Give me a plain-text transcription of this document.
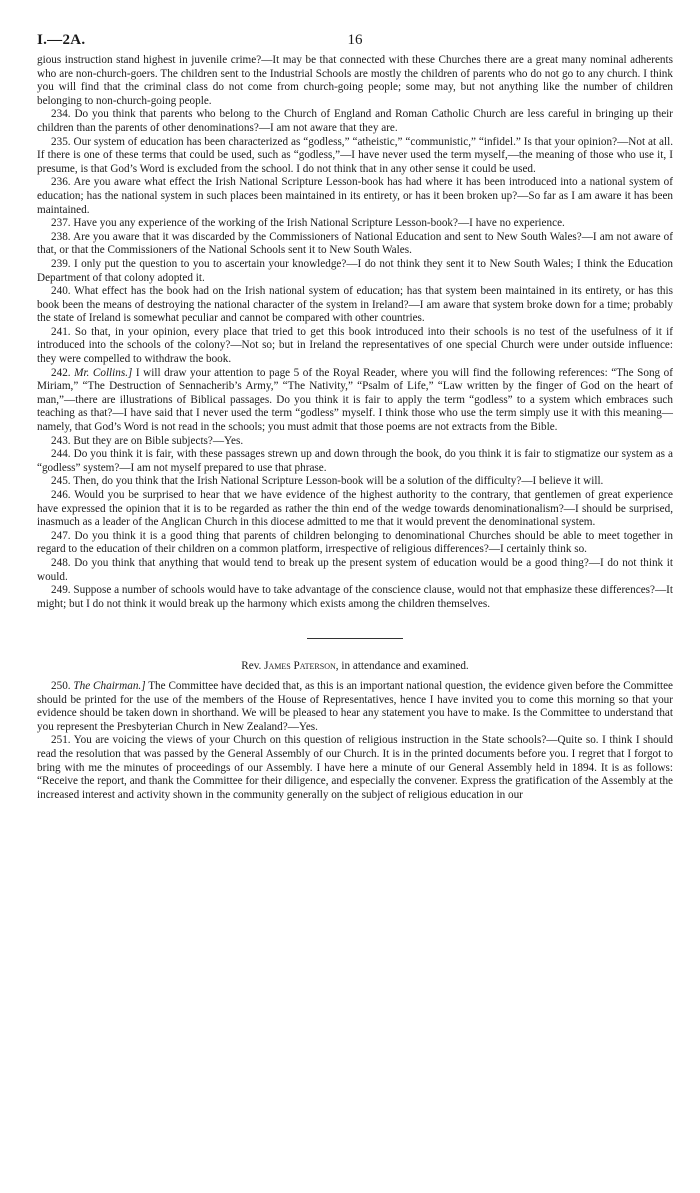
I.—2A.	16

gious instruction stand highest in juvenile crime?—It may be that connected with these Churches there are a great many nominal adherents who are non-church-goers. The children sent to the Industrial Schools are mostly the children of parents who do not go to any church. I think you will find that the criminal class do not come from church-going people; some may, but not anything like the number of children belonging to non-church-going people.

234. Do you think that parents who belong to the Church of England and Roman Catholic Church are less careful in bringing up their children than the parents of other denominations?—I am not aware that they are.

235. Our system of education has been characterized as “godless,” “atheistic,” “communistic,” “infidel.” Is that your opinion?—Not at all. If there is one of these terms that could be used, such as “godless,”—I have never used the term myself,—the meaning of those who use it, I presume, is that God’s Word is excluded from the school. I do not think that in any other sense it could be used.

236. Are you aware what effect the Irish National Scripture Lesson-book has had where it has been introduced into a national system of education; has the national system in such places been maintained in its entirety, or has it been broken up?—So far as I am aware it has been maintained.

237. Have you any experience of the working of the Irish National Scripture Lesson-book?—I have no experience.

238. Are you aware that it was discarded by the Commissioners of National Education and sent to New South Wales?—I am not aware of that, or that the Commissioners of the National Schools sent it to New South Wales.

239. I only put the question to you to ascertain your knowledge?—I do not think they sent it to New South Wales; I think the Education Department of that colony adopted it.

240. What effect has the book had on the Irish national system of education; has that system been maintained in its entirety, or has this book been the means of destroying the national character of the system in Ireland?—I am aware that system broke down for a time; probably the state of Ireland is somewhat peculiar and cannot be compared with other countries.

241. So that, in your opinion, every place that tried to get this book introduced into their schools is no test of the usefulness of it if introduced into the schools of the colony?—Not so; but in Ireland the representatives of one special Church were under outside influence: they were compelled to withdraw the book.

242. Mr. Collins.] I will draw your attention to page 5 of the Royal Reader, where you will find the following references: “The Song of Miriam,” “The Destruction of Sennacherib’s Army,” “The Nativity,” “Psalm of Life,” “Law written by the finger of God on the heart of man,”—there are illustrations of Biblical passages. Do you think it is fair to apply the term “godless” to a system which embraces such teaching as that?—I have said that I never used the term “godless” myself. I think those who use the term simply use it with this meaning—namely, that God’s Word is not read in the schools; you must admit that those poems are not extracts from the Bible.

243. But they are on Bible subjects?—Yes.

244. Do you think it is fair, with these passages strewn up and down through the book, do you think it is fair to stigmatize our system as a “godless” system?—I am not myself prepared to use that phrase.

245. Then, do you think that the Irish National Scripture Lesson-book will be a solution of the difficulty?—I believe it will.

246. Would you be surprised to hear that we have evidence of the highest authority to the contrary, that gentlemen of great experience have expressed the opinion that it is to be regarded as rather the thin end of the wedge towards denominationalism?—I should be surprised, inasmuch as a leader of the Anglican Church in this diocese admitted to me that it would prevent the denominational system.

247. Do you think it is a good thing that parents of children belonging to denominational Churches should be able to meet together in regard to the education of their children on a common platform, irrespective of religious differences?—I certainly think so.

248. Do you think that anything that would tend to break up the present system of education would be a good thing?—I do not think it would.

249. Suppose a number of schools would have to take advantage of the conscience clause, would not that emphasize these differences?—It might; but I do not think it would break up the harmony which exists among the children themselves.

Rev. James Paterson, in attendance and examined.

250. The Chairman.] The Committee have decided that, as this is an important national question, the evidence given before the Committee should be printed for the use of the members of the House of Representatives, hence I have invited you to come this morning so that your evidence should be taken down in shorthand. We will be pleased to hear any statement you have to make. Is the Committee to understand that you represent the Presbyterian Church in New Zealand?—Yes.

251. You are voicing the views of your Church on this question of religious instruction in the State schools?—Quite so. I think I should read the resolution that was passed by the General Assembly of our Church. It is in the printed documents before you. I regret that I forgot to bring with me the minutes of proceedings of our Assembly. I have here a minute of our General Assembly held in 1894. It is as follows: “Receive the report, and thank the Committee for their diligence, and especially the convener. Express the gratification of the Assembly at the increased interest and activity shown in the community generally on the subject of religious education in our
